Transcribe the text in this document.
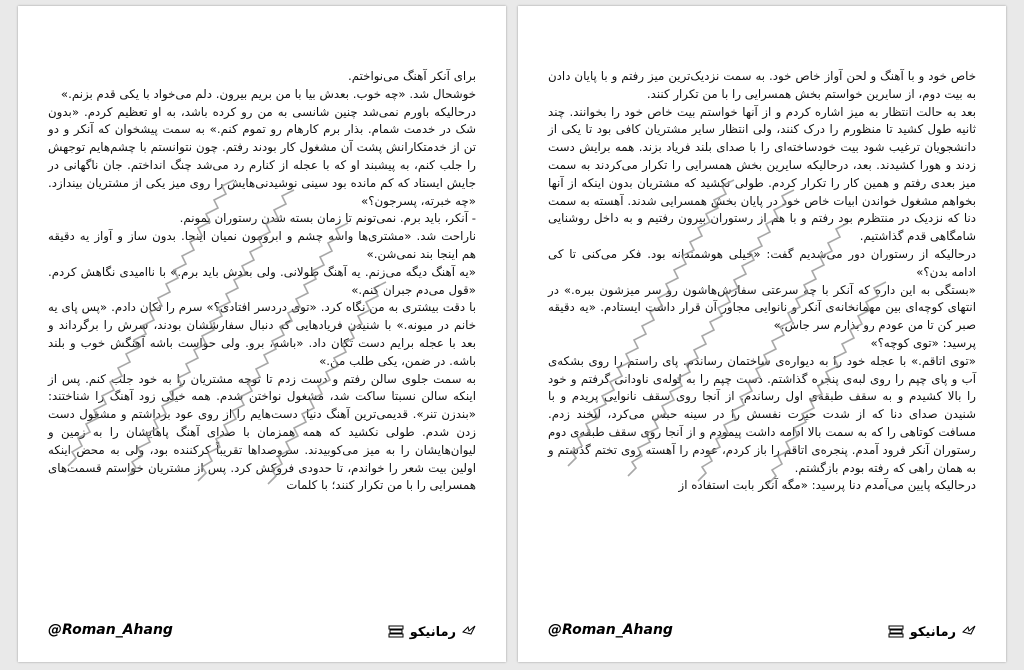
برای آنکر آهنگ می‌نواختم.

خوشحال شد. «چه خوب. بعدش بیا با من بریم بیرون. دلم می‌خواد با یکی قدم بزنم.»

درحالیکه باورم نمی‌شد چنین شانسی به من رو کرده باشد، به او تعظیم کردم. «بدون شک در خدمت شمام. بذار برم کارهام رو تموم کنم.» به سمت پیشخوان که آنکر و دو تن از خدمتکارانش پشت آن مشغول کار بودند رفتم. چون نتوانستم با چشم‌هایم توجهش را جلب کنم، به پیشبند او که با عجله از کنارم رد می‌شد چنگ انداختم. جان ناگهانی در جایش ایستاد که کم مانده بود سینی نوشیدنی‌هایش را روی میز یکی از مشتریان بیندازد. «چه خبرته، پسرجون؟»

- آنکر، باید برم. نمی‌تونم تا زمان بسته شدن رستوران بمونم.

ناراحت شد. «مشتری‌ها واسه چشم و ابرومون نمیان اینجا. بدون ساز و آواز یه دقیقه هم اینجا بند نمی‌شن.»

«یه آهنگ دیگه می‌زنم. یه آهنگ طولانی. ولی بعدش باید برم.» با ناامیدی نگاهش کردم. «قول می‌دم جبران کنم.»

با دقت بیشتری به من نگاه کرد. «توی دردسر افتادی؟» سرم را تکان دادم. «پس پای یه خانم در میونه.» با شنیدن فریادهایی که دنبال سفارششان بودند، سرش را برگرداند و بعد با عجله برایم دست تکان داد. «باشه، برو. ولی حواست باشه آهنگش خوب و بلند باشه. در ضمن، یکی طلب من.»

به سمت جلوی سالن رفتم و دست زدم تا توجه مشتریان را به خود جلب کنم. پس از اینکه سالن نسبتا ساکت شد، مشغول نواختن شدم. همه خیلی زود آهنگ را شناختند: «بندزن تنر». قدیمی‌ترین آهنگ دنیا. دست‌هایم را از روی عود برداشتم و مشغول دست زدن شدم. طولی نکشید که همه همزمان با صدای آهنگ پاهایشان را به زمین و لیوان‌هایشان را به میز می‌کوبیدند. سروصداها تقریباً کرکننده بود، ولی به محض اینکه اولین بیت شعر را خواندم، تا حدودی فروکش کرد. پس از مشتریان خواستم قسمت‌های همسرایی را با من تکرار کنند؛ با کلمات

@Roman_Ahang	رمانیکو

خاص خود و با آهنگ و لحن آواز خاص خود. به سمت نزدیک‌ترین میز رفتم و با پایان دادن به بیت دوم، از سایرین خواستم بخش همسرایی را با من تکرار کنند.

بعد به حالت انتظار به میز اشاره کردم و از آنها خواستم بیت خاص خود را بخوانند. چند ثانیه طول کشید تا منظورم را درک کنند، ولی انتظار سایر مشتریان کافی بود تا یکی از دانشجویان ترغیب شود بیت خودساخته‌ای را با صدای بلند فریاد بزند. همه برایش دست زدند و هورا کشیدند. بعد، درحالیکه سایرین بخش همسرایی را تکرار می‌کردند به سمت میز بعدی رفتم و همین کار را تکرار کردم. طولی نکشید که مشتریان بدون اینکه از آنها بخواهم مشغول خواندن ابیات خاص خود در پایان بخش همسرایی شدند. آهسته به سمت دنا که نزدیک در منتظرم بود رفتم و با هم از رستوران بیرون رفتیم و به داخل روشنایی شامگاهی قدم گذاشتیم.

درحالیکه از رستوران دور می‌شدیم گفت: «خیلی هوشمندانه بود. فکر می‌کنی تا کی ادامه بدن؟»

«بستگی به این داره که آنکر با چه سرعتی سفارش‌هاشون رو سر میزشون ببره.» در انتهای کوچه‌ای بین مهمانخانه‌ی آنکر و نانوایی مجاور آن قرار داشت ایستادم. «یه دقیقه صبر کن تا من عودم رو بذارم سر جاش.»

پرسید: «توی کوچه؟»

«توی اتاقم.» با عجله خود را به دیواره‌ی ساختمان رساندم. پای راستم را روی بشکه‌ی آب و پای چپم را روی لبه‌ی پنجره گذاشتم. دست چپم را به لوله‌ی ناودانی گرفتم و خود را بالا کشیدم و به سقف طبقه‌ی اول رساندم. از آنجا روی سقف نانوایی پریدم و با شنیدن صدای دنا که از شدت حیرت نفسش را در سینه حبس می‌کرد، لبخند زدم. مسافت کوتاهی را که به سمت بالا ادامه داشت پیمودم و از آنجا روی سقف طبقه‌ی دوم رستوران آنکر فرود آمدم. پنجره‌ی اتاقم را باز کردم، عودم را آهسته روی تختم گذشتم و به همان راهی که رفته بودم بازگشتم.

درحالیکه پایین می‌آمدم دنا پرسید: «مگه آنکر بابت استفاده از

@Roman_Ahang	رمانیکو
